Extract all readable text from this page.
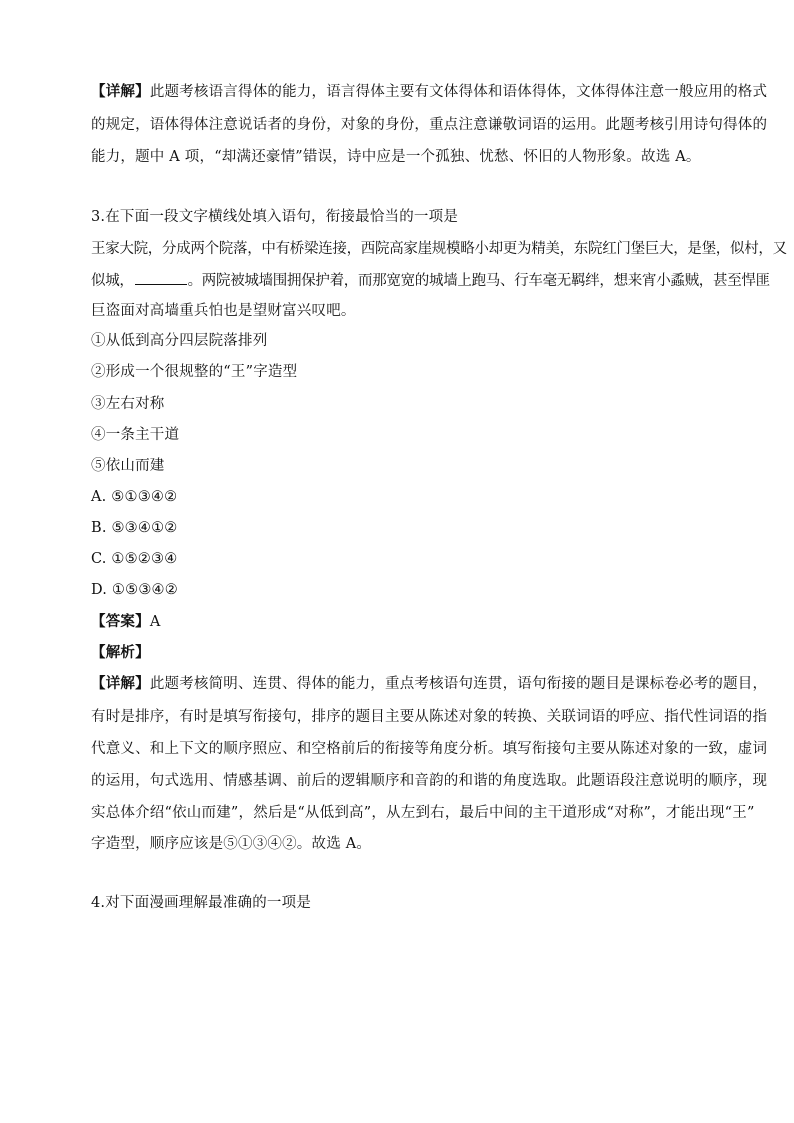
【详解】此题考核语言得体的能力，语言得体主要有文体得体和语体得体，文体得体注意一般应用的格式
的规定，语体得体注意说话者的身份，对象的身份，重点注意谦敬词语的运用。此题考核引用诗句得体的
能力，题中 A 项，“却满还豪情”错误，诗中应是一个孤独、忧愁、怀旧的人物形象。故选 A。
3.在下面一段文字横线处填入语句，衔接最恰当的一项是
王家大院，分成两个院落，中有桥梁连接，西院高家崖规模略小却更为精美，东院红门堡巨大，是堡，似村，又
似城，	。两院被城墙围拥保护着，而那宽宽的城墙上跑马、行车毫无羁绊，想来宵小蟊贼，甚至悍匪
巨盗面对高墙重兵怕也是望财富兴叹吧。
①从低到高分四层院落排列
②形成一个很规整的“王”字造型
③左右对称
④一条主干道
⑤依山而建
A. ⑤①③④②
B. ⑤③④①②
C. ①⑤②③④
D. ①⑤③④②
【答案】A
【解析】
【详解】此题考核简明、连贯、得体的能力，重点考核语句连贯，语句衔接的题目是课标卷必考的题目，
有时是排序，有时是填写衔接句，排序的题目主要从陈述对象的转换、关联词语的呼应、指代性词语的指
代意义、和上下文的顺序照应、和空格前后的衔接等角度分析。填写衔接句主要从陈述对象的一致，虚词
的运用，句式选用、情感基调、前后的逻辑顺序和音韵的和谐的角度选取。此题语段注意说明的顺序，现
实总体介绍“依山而建”，然后是“从低到高”，从左到右，最后中间的主干道形成“对称”，才能出现“王”
字造型，顺序应该是⑤①③④②。故选 A。
4.对下面漫画理解最准确的一项是
